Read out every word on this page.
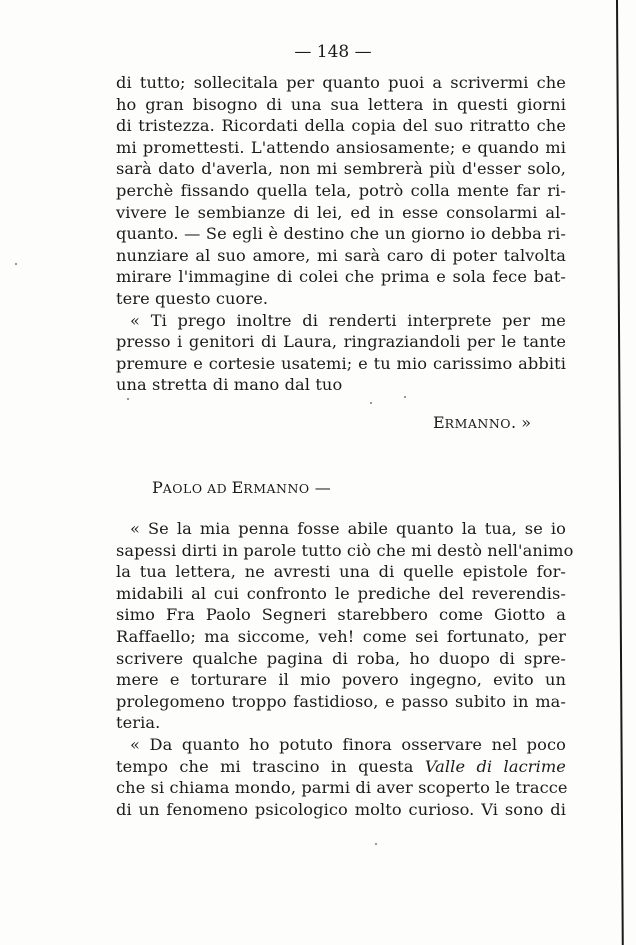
— 148 —
di tutto; sollecitala per quanto puoi a scrivermi che
ho gran bisogno di una sua lettera in questi giorni
di tristezza. Ricordati della copia del suo ritratto che
mi promettesti. L'attendo ansiosamente; e quando mi
sarà dato d'averla, non mi sembrerà più d'esser solo,
perchè fissando quella tela, potrò colla mente far ri-
vivere le sembianze di lei, ed in esse consolarmi al-
quanto. — Se egli è destino che un giorno io debba ri-
nunziare al suo amore, mi sarà caro di poter talvolta
mirare l'immagine di colei che prima e sola fece bat-
tere questo cuore.
« Ti prego inoltre di renderti interprete per me
presso i genitori di Laura, ringraziandoli per le tante
premure e cortesie usatemi; e tu mio carissimo abbiti
una stretta di mano dal tuo
ERMANNO. »
PAOLO AD ERMANNO —
« Se la mia penna fosse abile quanto la tua, se io
sapessi dirti in parole tutto ciò che mi destò nell'animo
la tua lettera, ne avresti una di quelle epistole for-
midabili al cui confronto le prediche del reverendis-
simo Fra Paolo Segneri starebbero come Giotto a
Raffaello; ma siccome, veh! come sei fortunato, per
scrivere qualche pagina di roba, ho duopo di spre-
mere e torturare il mio povero ingegno, evito un
prolegomeno troppo fastidioso, e passo subito in ma-
teria.
« Da quanto ho potuto finora osservare nel poco
tempo che mi trascino in questa Valle di lacrime
che si chiama mondo, parmi di aver scoperto le tracce
di un fenomeno psicologico molto curioso. Vi sono di
